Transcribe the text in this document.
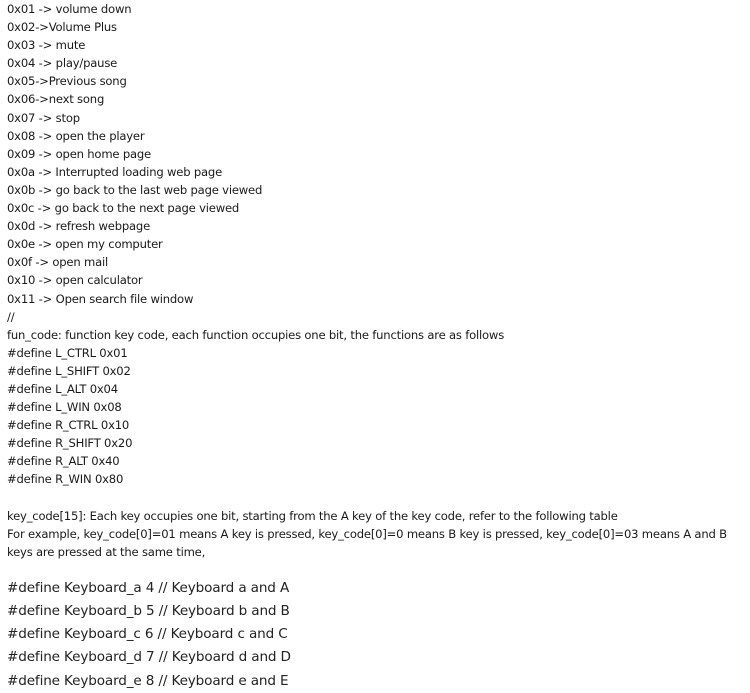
0x01 -> volume down
0x02->Volume Plus
0x03 -> mute
0x04 -> play/pause
0x05->Previous song
0x06->next song
0x07 -> stop
0x08 -> open the player
0x09 -> open home page
0x0a -> Interrupted loading web page
0x0b -> go back to the last web page viewed
0x0c -> go back to the next page viewed
0x0d -> refresh webpage
0x0e -> open my computer
0x0f -> open mail
0x10 -> open calculator
0x11 -> Open search file window
//
fun_code: function key code, each function occupies one bit, the functions are as follows
#define L_CTRL 0x01
#define L_SHIFT 0x02
#define L_ALT 0x04
#define L_WIN 0x08
#define R_CTRL 0x10
#define R_SHIFT 0x20
#define R_ALT 0x40
#define R_WIN 0x80
key_code[15]: Each key occupies one bit, starting from the A key of the key code, refer to the following table
For example, key_code[0]=01 means A key is pressed, key_code[0]=0 means B key is pressed, key_code[0]=03 means A and B keys are pressed at the same time,
#define Keyboard_a 4 // Keyboard a and A
#define Keyboard_b 5 // Keyboard b and B
#define Keyboard_c 6 // Keyboard c and C
#define Keyboard_d 7 // Keyboard d and D
#define Keyboard_e 8 // Keyboard e and E
